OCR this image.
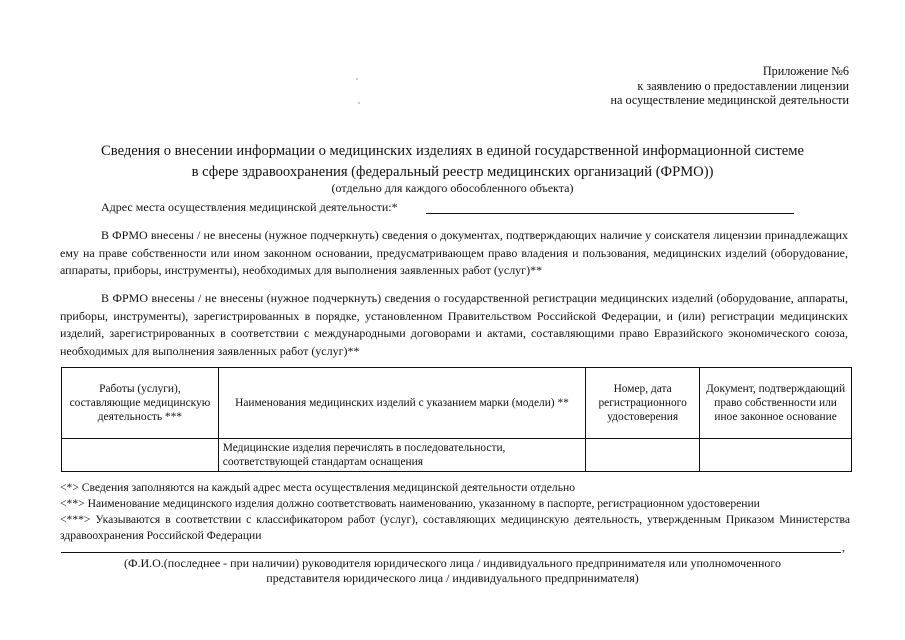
Приложение №6
к заявлению о предоставлении лицензии
на осуществление медицинской деятельности
Сведения о внесении информации о медицинских изделиях в единой государственной информационной системе
в сфере здравоохранения (федеральный реестр медицинских организаций (ФРМО))
(отдельно для каждого обособленного объекта)
Адрес места осуществления медицинской деятельности:*
В ФРМО внесены / не внесены (нужное подчеркнуть) сведения о документах, подтверждающих наличие у соискателя лицензии принадлежащих ему на праве собственности или ином законном основании, предусматривающем право владения и пользования, медицинских изделий (оборудование, аппараты, приборы, инструменты), необходимых для выполнения заявленных работ (услуг)**
В ФРМО внесены / не внесены (нужное подчеркнуть) сведения о государственной регистрации медицинских изделий (оборудование, аппараты, приборы, инструменты), зарегистрированных в порядке, установленном Правительством Российской Федерации, и (или) регистрации медицинских изделий, зарегистрированных в соответствии с международными договорами и актами, составляющими право Евразийского экономического союза, необходимых для выполнения заявленных работ (услуг)**
Работы (услуги), составляющие медицинскую деятельность ***	Наименования медицинских изделий с указанием марки (модели) **	Номер, дата регистрационного удостоверения	Документ, подтверждающий право собственности или иное законное основание
	Медицинские изделия перечислять в последовательности, соответствующей стандартам оснащения		
<*> Сведения заполняются на каждый адрес места осуществления медицинской деятельности отдельно
<**> Наименование медицинского изделия должно соответствовать наименованию, указанному в паспорте, регистрационном удостоверении
<***> Указываются в соответствии с классификатором работ (услуг), составляющих медицинскую деятельность, утвержденным Приказом Министерства здравоохранения Российской Федерации
,
(Ф.И.О.(последнее - при наличии) руководителя юридического лица / индивидуального предпринимателя или уполномоченного
представителя юридического лица / индивидуального предпринимателя)
